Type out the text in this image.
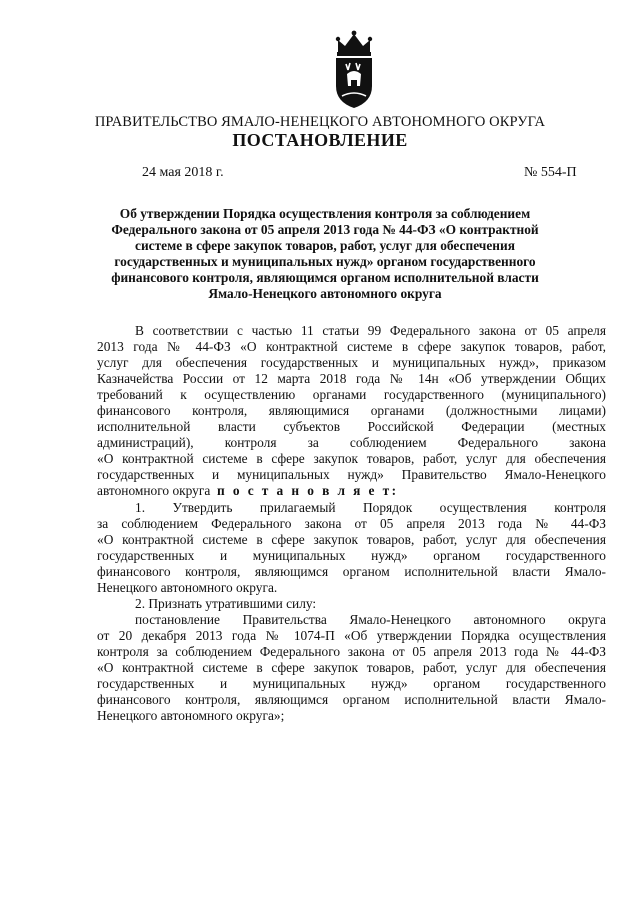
ПРАВИТЕЛЬСТВО ЯМАЛО-НЕНЕЦКОГО АВТОНОМНОГО ОКРУГА
ПОСТАНОВЛЕНИЕ
24 мая 2018 г.	№ 554-П
Об утверждении Порядка осуществления контроля за соблюдением
Федерального закона от 05 апреля 2013 года № 44-ФЗ «О контрактной
системе в сфере закупок товаров, работ, услуг для обеспечения
государственных и муниципальных нужд» органом государственного
финансового контроля, являющимся органом исполнительной власти
Ямало-Ненецкого автономного округа
В соответствии с частью 11 статьи 99 Федерального закона от 05 апреля
2013 года № 44-ФЗ «О контрактной системе в сфере закупок товаров, работ,
услуг для обеспечения государственных и муниципальных нужд», приказом
Казначейства России от 12 марта 2018 года № 14н «Об утверждении Общих
требований к осуществлению органами государственного (муниципального)
финансового контроля, являющимися органами (должностными лицами)
исполнительной власти субъектов Российской Федерации (местных
администраций), контроля за соблюдением Федерального закона
«О контрактной системе в сфере закупок товаров, работ, услуг для обеспечения
государственных и муниципальных нужд» Правительство Ямало-Ненецкого
автономного округа п о с т а н о в л я е т:
1. Утвердить прилагаемый Порядок осуществления контроля
за соблюдением Федерального закона от 05 апреля 2013 года № 44-ФЗ
«О контрактной системе в сфере закупок товаров, работ, услуг для обеспечения
государственных и муниципальных нужд» органом государственного
финансового контроля, являющимся органом исполнительной власти Ямало-
Ненецкого автономного округа.
2. Признать утратившими силу:
постановление Правительства Ямало-Ненецкого автономного округа
от 20 декабря 2013 года № 1074-П «Об утверждении Порядка осуществления
контроля за соблюдением Федерального закона от 05 апреля 2013 года № 44-ФЗ
«О контрактной системе в сфере закупок товаров, работ, услуг для обеспечения
государственных и муниципальных нужд» органом государственного
финансового контроля, являющимся органом исполнительной власти Ямало-
Ненецкого автономного округа»;
